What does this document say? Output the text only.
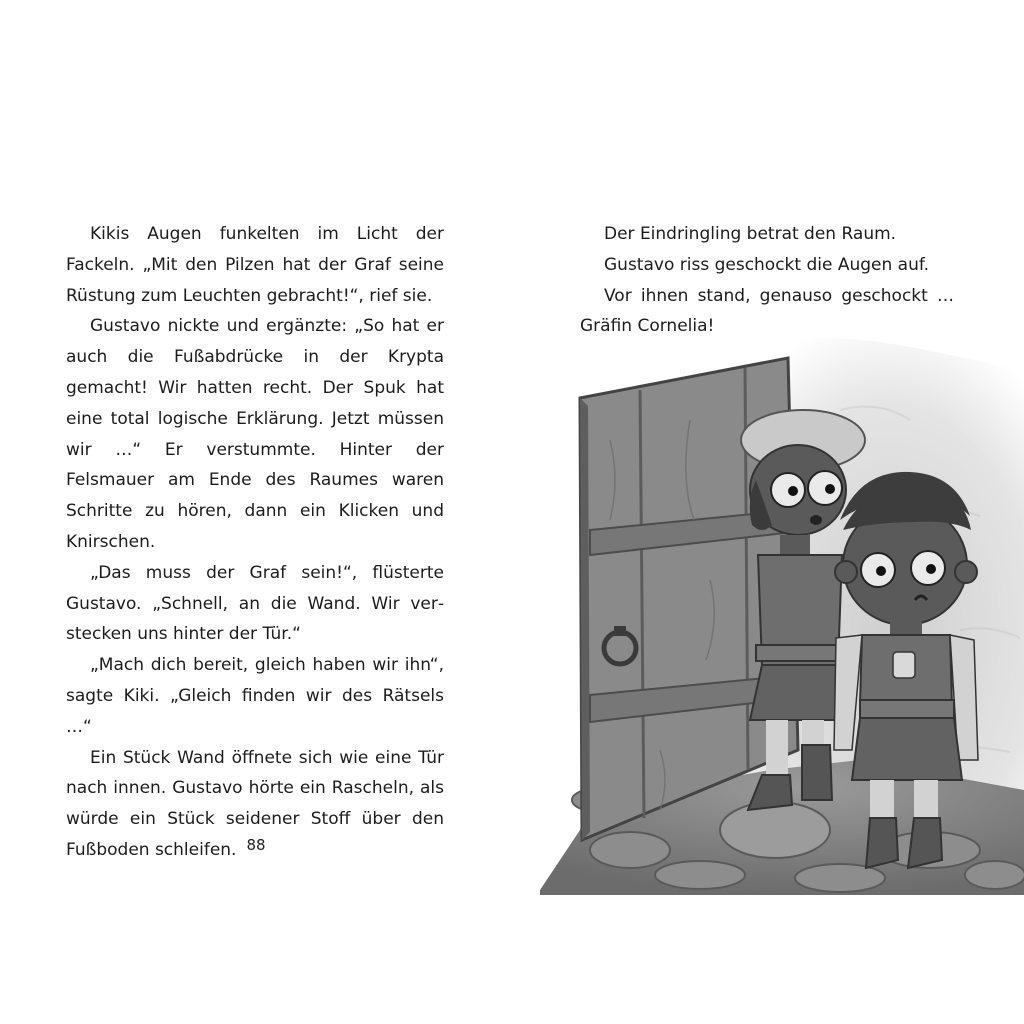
Kikis Augen funkelten im Licht der Fackeln. „Mit den Pilzen hat der Graf seine Rüstung zum Leuchten gebracht!“, rief sie.

Gustavo nickte und ergänzte: „So hat er auch die Fußabdrücke in der Krypta gemacht! Wir hatten recht. Der Spuk hat eine total logische Erklärung. Jetzt müssen wir …“ Er verstummte. Hinter der Felsmauer am Ende des Raumes waren Schritte zu hören, dann ein Klicken und Knirschen.

„Das muss der Graf sein!“, flüsterte Gustavo. „Schnell, an die Wand. Wir verstecken uns hinter der Tür.“

„Mach dich bereit, gleich haben wir ihn“, sagte Kiki. „Gleich finden wir des Rätsels …“

Ein Stück Wand öffnete sich wie eine Tür nach innen. Gustavo hörte ein Rascheln, als würde ein Stück seidener Stoff über den Fußboden schleifen. 88

Der Eindringling betrat den Raum.

Gustavo riss geschockt die Augen auf.

Vor ihnen stand, genauso geschockt … Gräfin Cornelia!
